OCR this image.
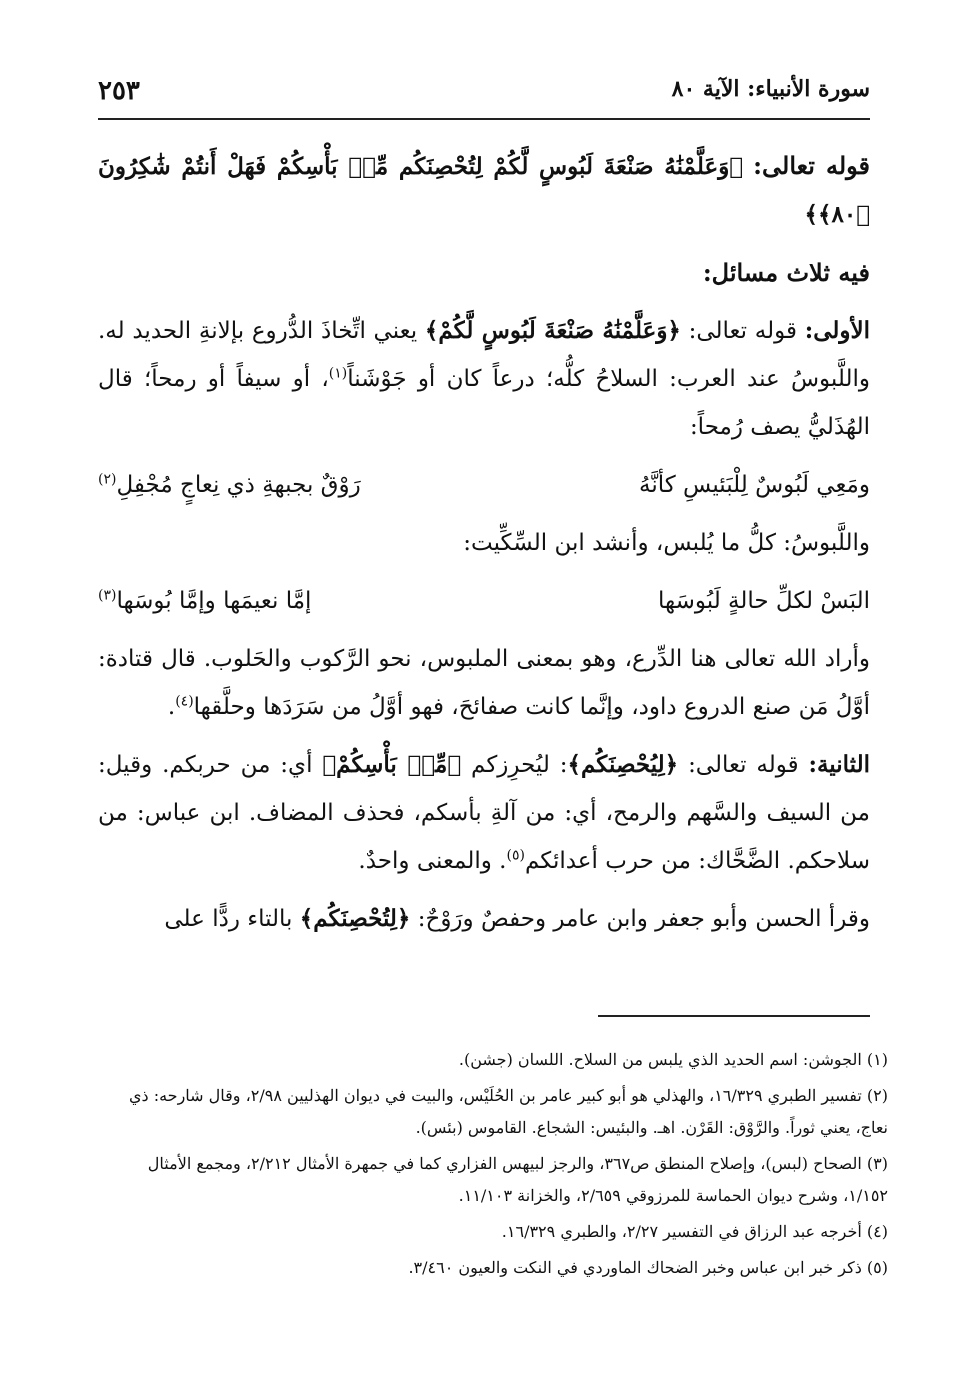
سورة الأنبياء: الآية ٨٠
٢٥٣

قوله تعالى: ﴿وَعَلَّمْنَٰهُ صَنْعَةَ لَبُوسٍ لَّكُمْ لِتُحْصِنَكُم مِّنۢ بَأْسِكُمْ فَهَلْ أَنتُمْ شَٰكِرُونَ ﴿٨٠﴾﴾

فيه ثلاث مسائل:

الأولى: قوله تعالى: ﴿وَعَلَّمْنَٰهُ صَنْعَةَ لَبُوسٍ لَّكُمْ﴾ يعني اتِّخاذَ الدُّروع بإلانةِ الحديد له. واللَّبوسُ عند العرب: السلاحُ كلُّه؛ درعاً كان أو جَوْشَناً$^{(١)}$، أو سيفاً أو رمحاً؛ قال الهُذَليُّ يصف رُمحاً:

ومَعِي لَبُوسٌ لِلْبَئيسِ كأنَّهُ
رَوْقٌ بجبهةِ ذي نِعاجٍ مُجْفِلِ$^{(٢)}$

واللَّبوسُ: كلُّ ما يُلبس، وأنشد ابن السِّكِّيت:

البَسْ لكلِّ حالةٍ لَبُوسَها
إمَّا نعيمَها وإمَّا بُوسَها$^{(٣)}$

وأراد الله تعالى هنا الدِّرع، وهو بمعنى الملبوس، نحو الرَّكوب والحَلوب. قال قتادة: أوَّلُ مَن صنع الدروع داود، وإنَّما كانت صفائحَ، فهو أوَّلُ من سَرَدَها وحلَّقها$^{(٤)}$.

الثانية: قوله تعالى: ﴿لِيُحْصِنَكُم﴾: ليُحرِزكم ﴿مِّنۢ بَأْسِكُمْ﴾ أي: من حربكم. وقيل: من السيف والسَّهم والرمح، أي: من آلةِ بأسكم، فحذف المضاف. ابن عباس: من سلاحكم. الضَّحَّاك: من حرب أعدائكم$^{(٥)}$. والمعنى واحدٌ.

وقرأ الحسن وأبو جعفر وابن عامر وحفصٌ ورَوْحٌ: ﴿لِتُحْصِنَكُم﴾ بالتاء ردًّا على

(١) الجوشن: اسم الحديد الذي يلبس من السلاح. اللسان (جشن).
(٢) تفسير الطبري ١٦/٣٢٩، والهذلي هو أبو كبير عامر بن الحُلَيْس، والبيت في ديوان الهذليين ٢/٩٨، وقال شارحه: ذي نعاج، يعني ثوراً. والرَّوْق: القَرْن. اهـ. والبئيس: الشجاع. القاموس (بئس).
(٣) الصحاح (لبس)، وإصلاح المنطق ص٣٦٧، والرجز لبيهس الفزاري كما في جمهرة الأمثال ٢/٢١٢، ومجمع الأمثال ١/١٥٢، وشرح ديوان الحماسة للمرزوقي ٢/٦٥٩، والخزانة ١١/١٠٣.
(٤) أخرجه عبد الرزاق في التفسير ٢/٢٧، والطبري ١٦/٣٢٩.
(٥) ذكر خبر ابن عباس وخبر الضحاك الماوردي في النكت والعيون ٣/٤٦٠.
